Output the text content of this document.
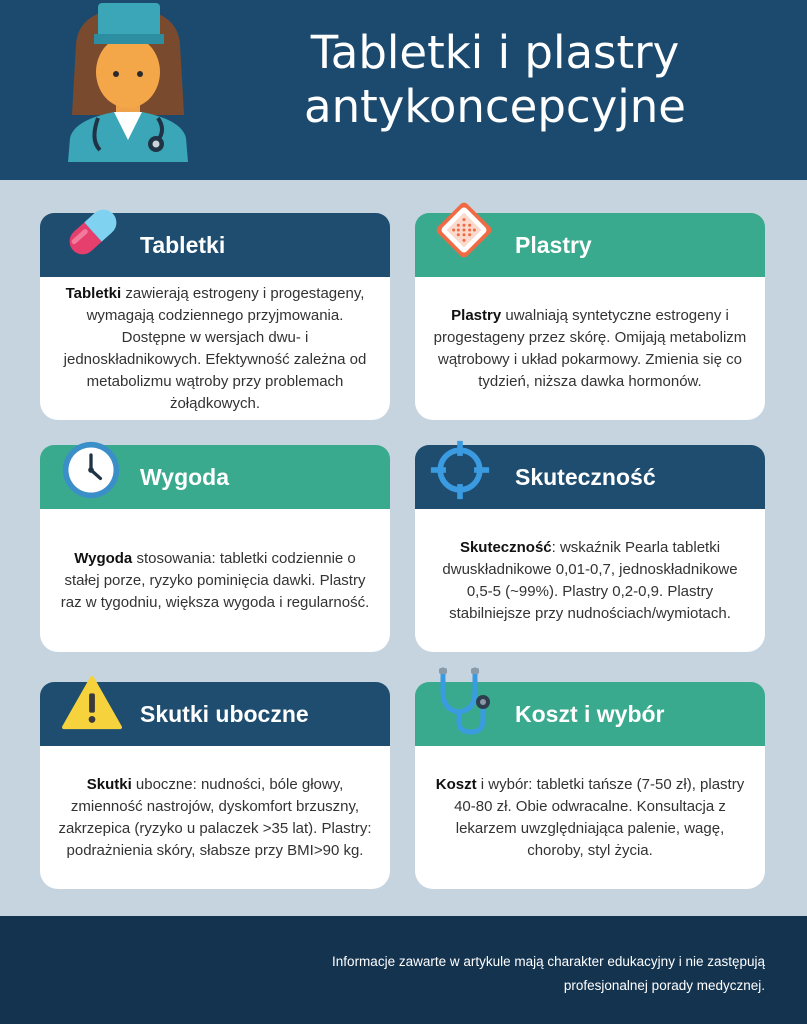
Tabletki i plastry
antykoncepcyjne
Tabletki
Tabletki zawierają estrogeny i progestageny, wymagają codziennego przyjmowania. Dostępne w wersjach dwu- i jednoskładnikowych. Efektywność zależna od metabolizmu wątroby przy problemach żołądkowych.
Plastry
Plastry uwalniają syntetyczne estrogeny i progestageny przez skórę. Omijają metabolizm wątrobowy i układ pokarmowy. Zmienia się co tydzień, niższa dawka hormonów.
Wygoda
Wygoda stosowania: tabletki codziennie o stałej porze, ryzyko pominięcia dawki. Plastry raz w tygodniu, większa wygoda i regularność.
Skuteczność
Skuteczność: wskaźnik Pearla tabletki dwuskładnikowe 0,01-0,7, jednoskładnikowe 0,5-5 (~99%). Plastry 0,2-0,9. Plastry stabilniejsze przy nudnościach/wymiotach.
Skutki uboczne
Skutki uboczne: nudności, bóle głowy, zmienność nastrojów, dyskomfort brzuszny, zakrzepica (ryzyko u palaczek >35 lat). Plastry: podrażnienia skóry, słabsze przy BMI>90 kg.
Koszt i wybór
Koszt i wybór: tabletki tańsze (7-50 zł), plastry 40-80 zł. Obie odwracalne. Konsultacja z lekarzem uwzględniająca palenie, wagę, choroby, styl życia.
Informacje zawarte w artykule mają charakter edukacyjny i nie zastępują
profesjonalnej porady medycznej.
